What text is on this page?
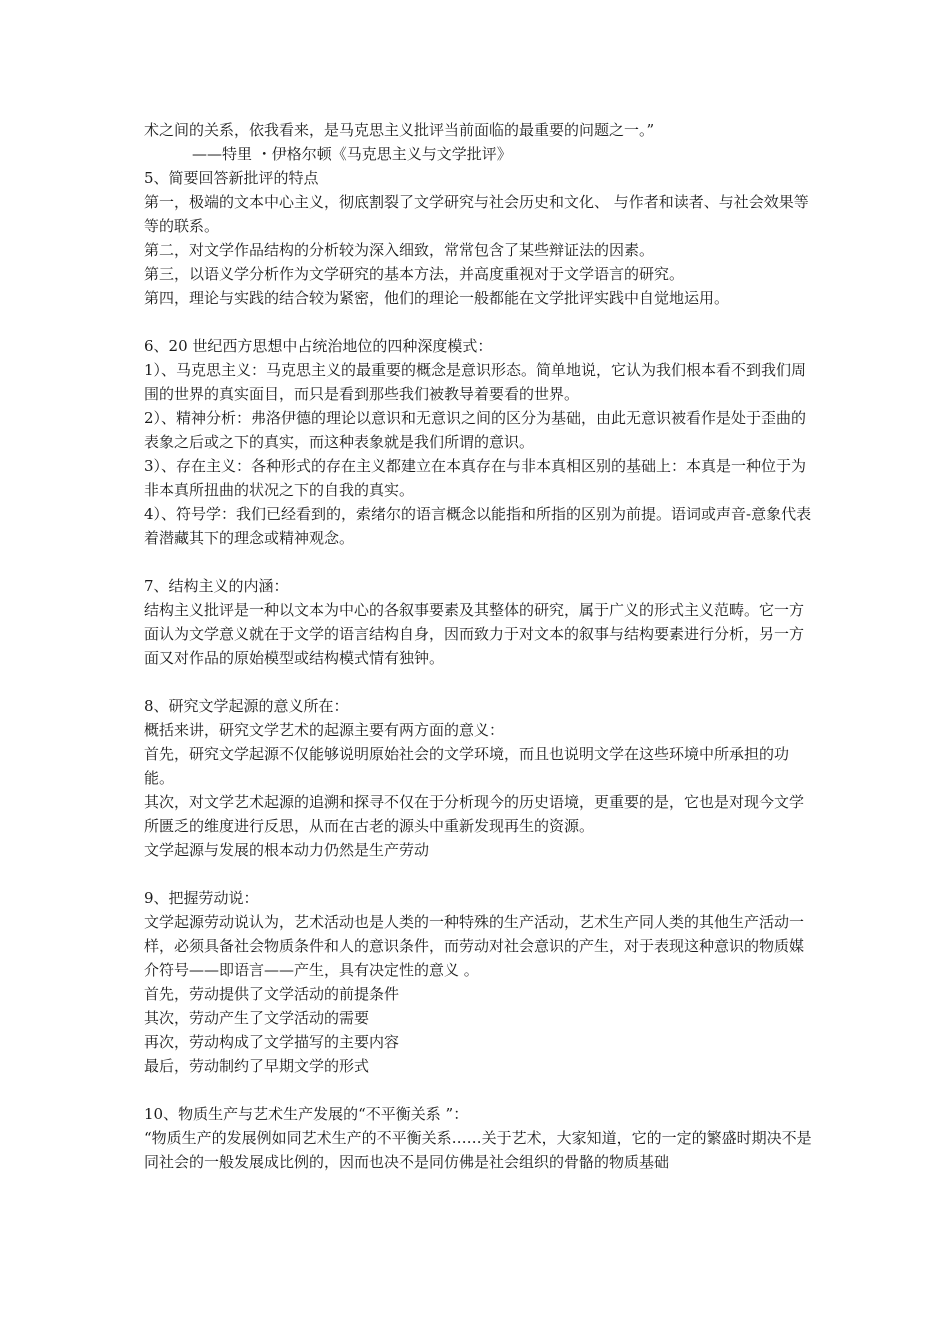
术之间的关系，依我看来，是马克思主义批评当前面临的最重要的问题之一。”

——特里 ・伊格尔顿《马克思主义与文学批评》

5、简要回答新批评的特点

第一，极端的文本中心主义，彻底割裂了文学研究与社会历史和文化、 与作者和读者、与社会效果等等的联系。

第二，对文学作品结构的分析较为深入细致，常常包含了某些辩证法的因素。

第三，以语义学分析作为文学研究的基本方法，并高度重视对于文学语言的研究。

第四，理论与实践的结合较为紧密，他们的理论一般都能在文学批评实践中自觉地运用。

6、20 世纪西方思想中占统治地位的四种深度模式：

1）、马克思主义：马克思主义的最重要的概念是意识形态。简单地说，它认为我们根本看不到我们周围的世界的真实面目，而只是看到那些我们被教导着要看的世界。

2）、精神分析：弗洛伊德的理论以意识和无意识之间的区分为基础，由此无意识被看作是处于歪曲的表象之后或之下的真实，而这种表象就是我们所谓的意识。

3）、存在主义：各种形式的存在主义都建立在本真存在与非本真相区别的基础上：本真是一种位于为非本真所扭曲的状况之下的自我的真实。

4）、符号学：我们已经看到的，索绪尔的语言概念以能指和所指的区别为前提。语词或声音-意象代表着潜藏其下的理念或精神观念。

7、结构主义的内涵：

结构主义批评是一种以文本为中心的各叙事要素及其整体的研究，属于广义的形式主义范畴。它一方面认为文学意义就在于文学的语言结构自身，因而致力于对文本的叙事与结构要素进行分析，另一方面又对作品的原始模型或结构模式情有独钟。

8、研究文学起源的意义所在：

概括来讲，研究文学艺术的起源主要有两方面的意义：

首先，研究文学起源不仅能够说明原始社会的文学环境，而且也说明文学在这些环境中所承担的功能。

其次，对文学艺术起源的追溯和探寻不仅在于分析现今的历史语境，更重要的是，它也是对现今文学所匮乏的维度进行反思，从而在古老的源头中重新发现再生的资源。

文学起源与发展的根本动力仍然是生产劳动

9、把握劳动说：

文学起源劳动说认为，艺术活动也是人类的一种特殊的生产活动，艺术生产同人类的其他生产活动一样，必须具备社会物质条件和人的意识条件，而劳动对社会意识的产生，对于表现这种意识的物质媒介符号——即语言——产生，具有决定性的意义 。

首先，劳动提供了文学活动的前提条件

其次，劳动产生了文学活动的需要

再次，劳动构成了文学描写的主要内容

最后，劳动制约了早期文学的形式

10、物质生产与艺术生产发展的“不平衡关系 ”：

“物质生产的发展例如同艺术生产的不平衡关系……关于艺术，大家知道，它的一定的繁盛时期决不是同社会的一般发展成比例的，因而也决不是同仿佛是社会组织的骨骼的物质基础
